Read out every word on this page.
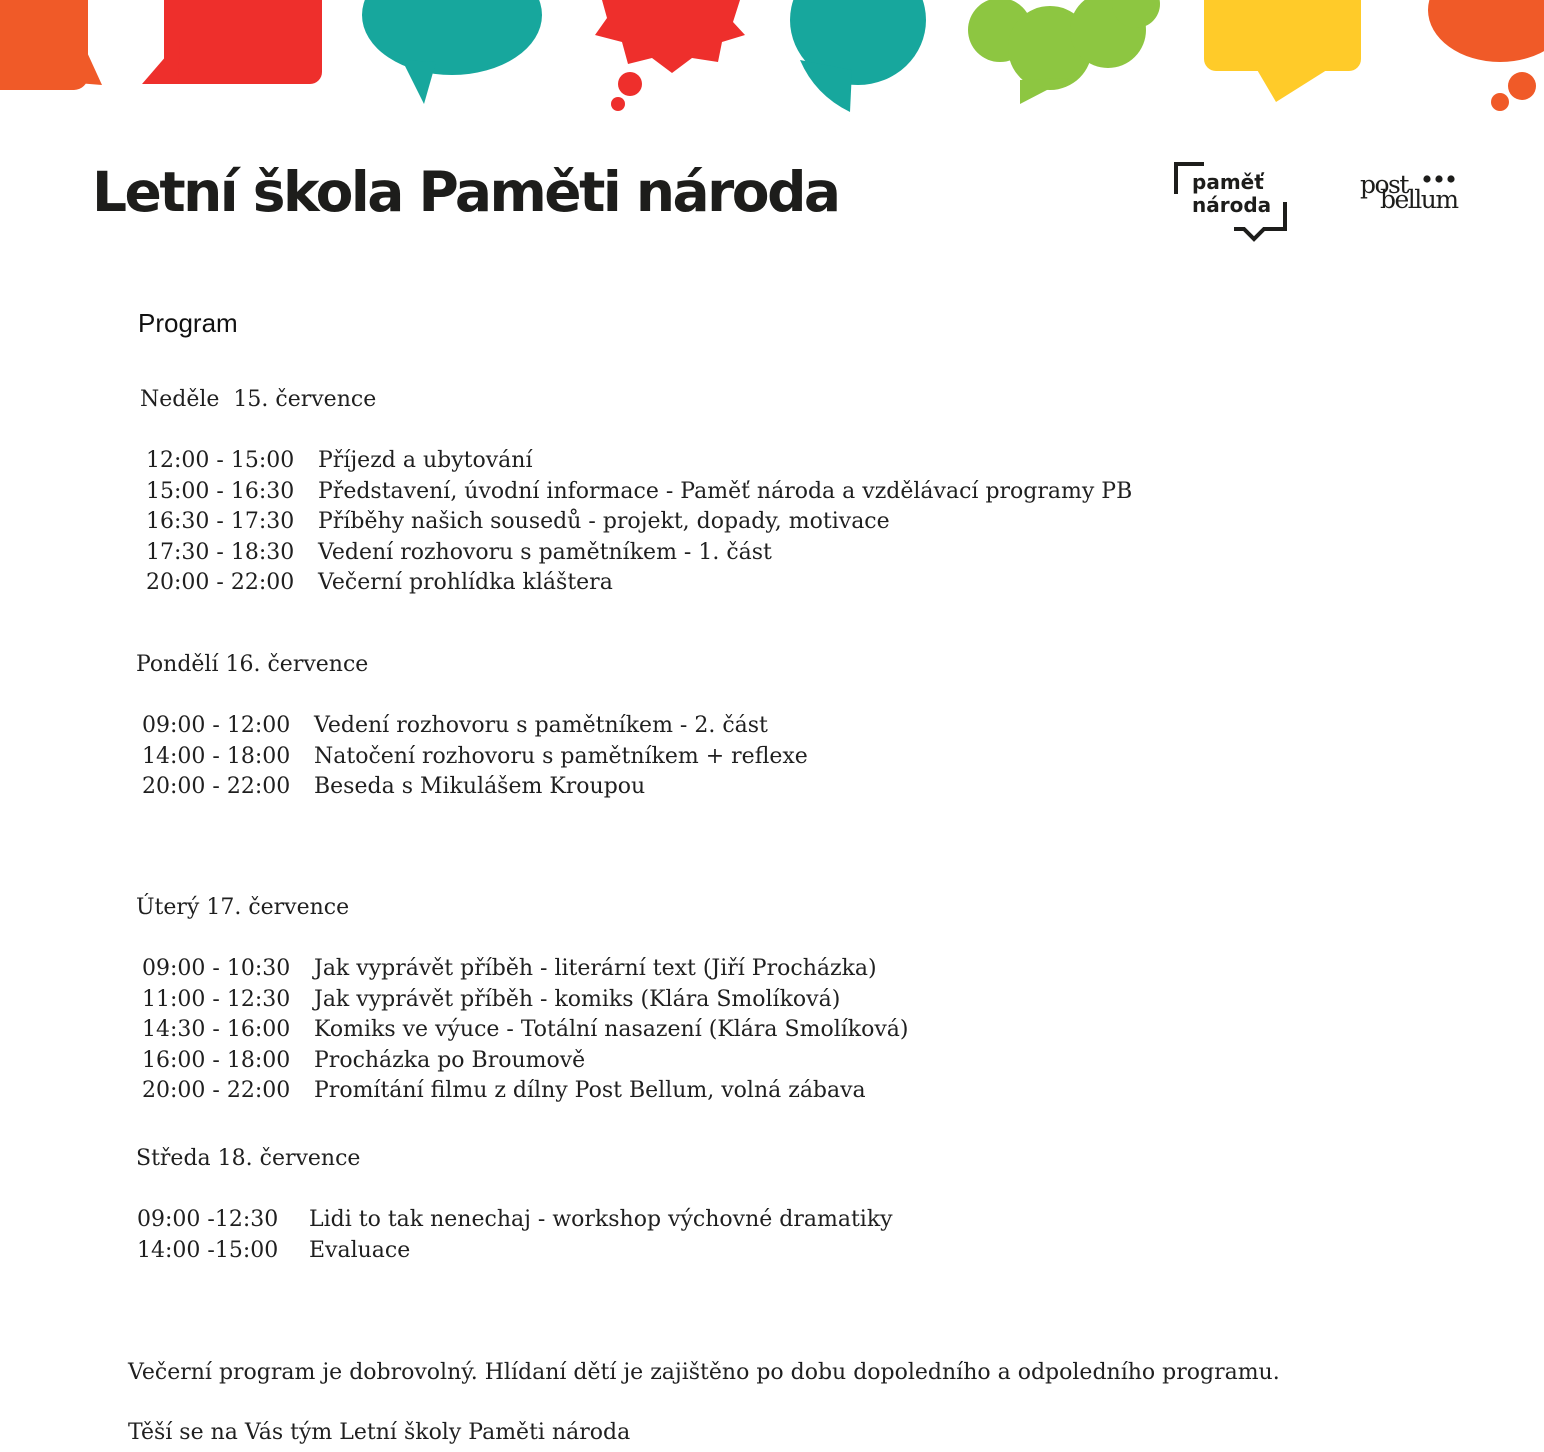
Letní škola Paměti národa	paměť
národa
post
bellum
Program
Neděle  15. července
12:00 - 15:00 Příjezd a ubytování
15:00 - 16:30 Představení, úvodní informace - Paměť národa a vzdělávací programy PB
16:30 - 17:30 Příběhy našich sousedů - projekt, dopady, motivace
17:30 - 18:30 Vedení rozhovoru s pamětníkem - 1. část
20:00 - 22:00 Večerní prohlídka kláštera
Pondělí 16. července
09:00 - 12:00 Vedení rozhovoru s pamětníkem - 2. část
14:00 - 18:00 Natočení rozhovoru s pamětníkem + reflexe
20:00 - 22:00 Beseda s Mikulášem Kroupou
Úterý 17. července
09:00 - 10:30 Jak vyprávět příběh - literární text (Jiří Procházka)
11:00 - 12:30 Jak vyprávět příběh - komiks (Klára Smolíková)
14:30 - 16:00 Komiks ve výuce - Totální nasazení (Klára Smolíková)
16:00 - 18:00 Procházka po Broumově
20:00 - 22:00 Promítání filmu z dílny Post Bellum, volná zábava
Středa 18. července
09:00 -12:30 Lidi to tak nenechaj - workshop výchovné dramatiky
14:00 -15:00 Evaluace
Večerní program je dobrovolný. Hlídaní dětí je zajištěno po dobu dopoledního a odpoledního programu.
Těší se na Vás tým Letní školy Paměti národa
